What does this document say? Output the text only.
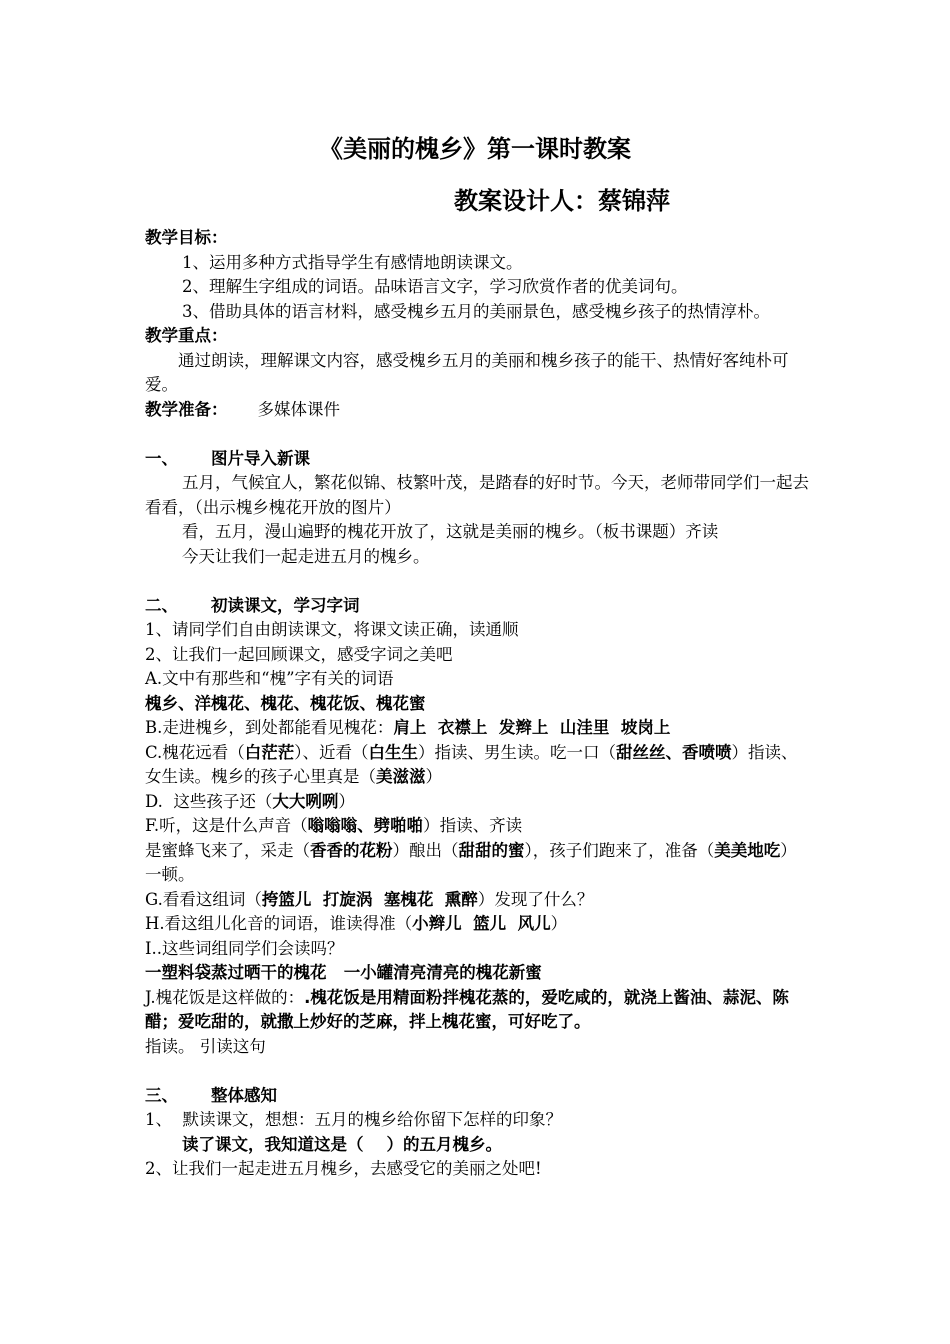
《美丽的槐乡》第一课时教案
教案设计人：蔡锦萍

教学目标：

1、运用多种方式指导学生有感情地朗读课文。

2、理解生字组成的词语。品味语言文字，学习欣赏作者的优美词句。

3、借助具体的语言材料，感受槐乡五月的美丽景色，感受槐乡孩子的热情淳朴。

教学重点：

通过朗读，理解课文内容，感受槐乡五月的美丽和槐乡孩子的能干、热情好客纯朴可爱。

教学准备： 多媒体课件

一、 图片导入新课

五月，气候宜人，繁花似锦、枝繁叶茂，是踏春的好时节。今天，老师带同学们一起去看看，（出示槐乡槐花开放的图片）

看，五月，漫山遍野的槐花开放了，这就是美丽的槐乡。（板书课题）齐读

今天让我们一起走进五月的槐乡。

二、 初读课文，学习字词

1、请同学们自由朗读课文，将课文读正确，读通顺

2、让我们一起回顾课文，感受字词之美吧

A.文中有那些和“槐”字有关的词语

槐乡、洋槐花、槐花、槐花饭、槐花蜜

B.走进槐乡，到处都能看见槐花：肩上  衣襟上  发辫上  山洼里  坡岗上

C.槐花远看（白茫茫）、近看（白生生）指读、男生读。吃一口（甜丝丝、香喷喷）指读、女生读。槐乡的孩子心里真是（美滋滋）

D.  这些孩子还（大大咧咧）

F.听，这是什么声音（嗡嗡嗡、劈啪啪）指读、齐读

是蜜蜂飞来了，采走（香香的花粉）酿出（甜甜的蜜），孩子们跑来了，准备（美美地吃）一顿。

G.看看这组词（挎篮儿  打旋涡  塞槐花  熏醉）发现了什么？

H.看这组儿化音的词语，谁读得准（小辫儿  篮儿  风儿）

I..这些词组同学们会读吗？

一塑料袋蒸过晒干的槐花   一小罐清亮清亮的槐花新蜜

J.槐花饭是这样做的：.槐花饭是用精面粉拌槐花蒸的，爱吃咸的，就浇上酱油、蒜泥、陈醋；爱吃甜的，就撒上炒好的芝麻，拌上槐花蜜，可好吃了。

指读。 引读这句

三、 整体感知

1、  默读课文，想想：五月的槐乡给你留下怎样的印象？

读了课文，我知道这是（    ）的五月槐乡。

2、让我们一起走进五月槐乡，去感受它的美丽之处吧!
